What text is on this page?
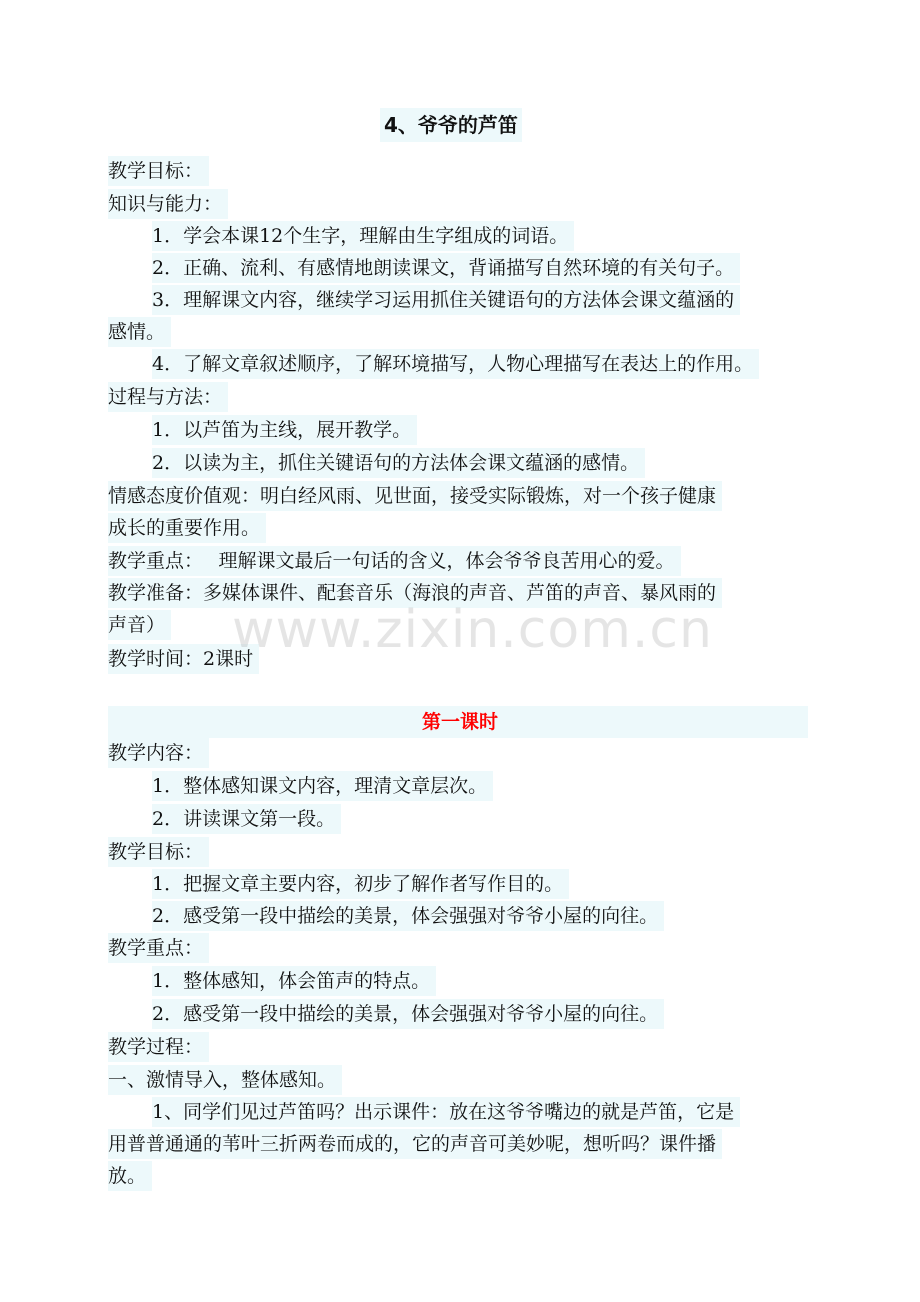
4、爷爷的芦笛
教学目标：
知识与能力：
1．学会本课12个生字，理解由生字组成的词语。
2．正确、流利、有感情地朗读课文，背诵描写自然环境的有关句子。
3．理解课文内容，继续学习运用抓住关键语句的方法体会课文蕴涵的
感情。
4．了解文章叙述顺序，了解环境描写，人物心理描写在表达上的作用。
过程与方法：
1．以芦笛为主线，展开教学。
2．以读为主，抓住关键语句的方法体会课文蕴涵的感情。
情感态度价值观：明白经风雨、见世面，接受实际锻炼，对一个孩子健康
成长的重要作用。
教学重点：　 理解课文最后一句话的含义，体会爷爷良苦用心的爱。
教学准备：多媒体课件、配套音乐（海浪的声音、芦笛的声音、暴风雨的
声音）
教学时间：2课时
第一课时
教学内容：
1．整体感知课文内容，理清文章层次。
2．讲读课文第一段。
教学目标：
1．把握文章主要内容，初步了解作者写作目的。
2．感受第一段中描绘的美景，体会强强对爷爷小屋的向往。
教学重点：
1．整体感知，体会笛声的特点。
2．感受第一段中描绘的美景，体会强强对爷爷小屋的向往。
教学过程：
一、激情导入，整体感知。
1、同学们见过芦笛吗？出示课件：放在这爷爷嘴边的就是芦笛，它是
用普普通通的苇叶三折两卷而成的，它的声音可美妙呢，想听吗？课件播
放。
www.zixin.com.cn
